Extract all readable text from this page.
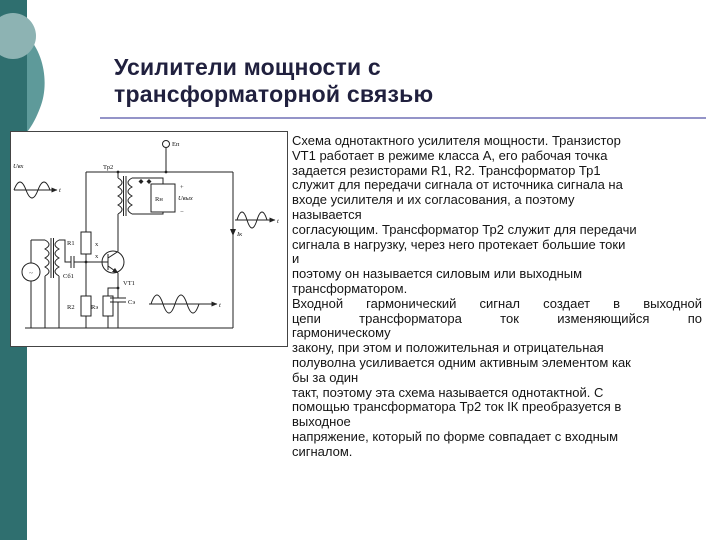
Усилители мощности с
трансформаторной связью
Uвх
t
Eп
Тр2
R1	х
х
Cб1
R2	Rэ
Cэ
VT1
Rн Uвых
+
−
Iк
t
t
~
Схема однотактного усилителя мощности. Транзистор
VT1 работает в режиме класса А, его рабочая точка
задается резисторами R1, R2. Трансформатор Тр1
служит для передачи сигнала от источника сигнала на
входе усилителя и их согласования, а поэтому
называется
согласующим. Трансформатор Тр2 служит для передачи
сигнала в нагрузку, через него протекает большие токи
и
поэтому он называется силовым или выходным
трансформатором.
Входной гармонический сигнал создает в выходной
цепи трансформатора ток изменяющийся по
гармоническому
закону, при этом и положительная и отрицательная
полуволна усиливается одним активным элементом как
бы за один
такт, поэтому эта схема называется однотактной. С
помощью трансформатора Тр2 ток IК преобразуется в
выходное
напряжение, который по форме совпадает с входным
сигналом.
